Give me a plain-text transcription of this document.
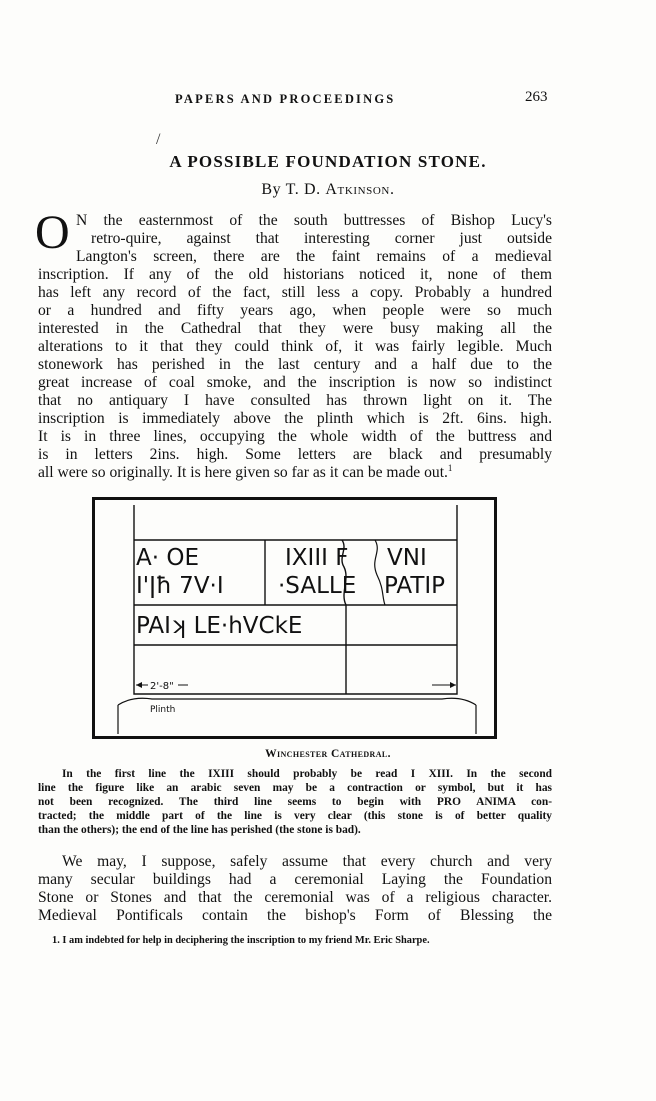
PAPERS AND PROCEEDINGS	263
A POSSIBLE FOUNDATION STONE.
By T. D. Atkinson.
O N the easternmost of the south buttresses of Bishop Lucy's
retro-quire, against that interesting corner just outside
Langton's screen, there are the faint remains of a medieval
inscription. If any of the old historians noticed it, none of them
has left any record of the fact, still less a copy. Probably a hundred
or a hundred and fifty years ago, when people were so much
interested in the Cathedral that they were busy making all the
alterations to it that they could think of, it was fairly legible. Much
stonework has perished in the last century and a half due to the
great increase of coal smoke, and the inscription is now so indistinct
that no antiquary I have consulted has thrown light on it. The
inscription is immediately above the plinth which is 2ft. 6ins. high.
It is in three lines, occupying the whole width of the buttress and
is in letters 2ins. high. Some letters are black and presumably
all were so originally. It is here given so far as it can be made out.$^1$
A· OE	IXIII F VNI
I'ǀħ 7V·I ·SALLE PATIP
PAIʞ LE·hVCkE
2'-8"
Plinth
Winchester Cathedral.
In the first line the IXIII should probably be read I XIII. In the second
line the figure like an arabic seven may be a contraction or symbol, but it has
not been recognized. The third line seems to begin with PRO ANIMA con-
tracted; the middle part of the line is very clear (this stone is of better quality
than the others); the end of the line has perished (the stone is bad).
We may, I suppose, safely assume that every church and very
many secular buildings had a ceremonial Laying the Foundation
Stone or Stones and that the ceremonial was of a religious character.
Medieval Pontificals contain the bishop's Form of Blessing the
1. I am indebted for help in deciphering the inscription to my friend Mr. Eric Sharpe.
/
